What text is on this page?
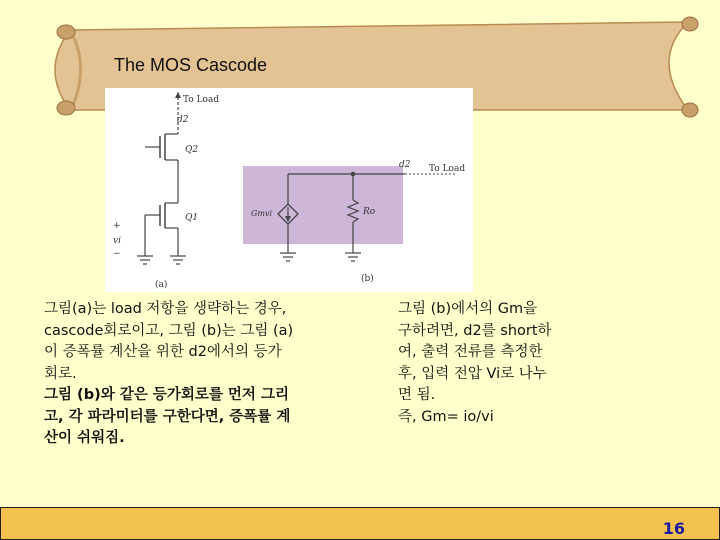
The MOS Cascode
To Load
d2
Q2
Q1
+
vi
−
(a)
d2 To Load
Gmvi	Ro
(b)
그림(a)는 load 저항을 생략하는 경우,
cascode회로이고, 그림 (b)는 그림 (a)
이 증폭률 계산을 위한 d2에서의 등가
회로.
그림 (b)와 같은 등가회로를 먼저 그리
고, 각 파라미터를 구한다면, 증폭률 계
산이 쉬워짐.
그림 (b)에서의 Gm을
구하려면, d2를 short하
여, 출력 전류를 측정한
후, 입력 전압 Vi로 나누
면 됨.
즉, Gm= io/vi
16
